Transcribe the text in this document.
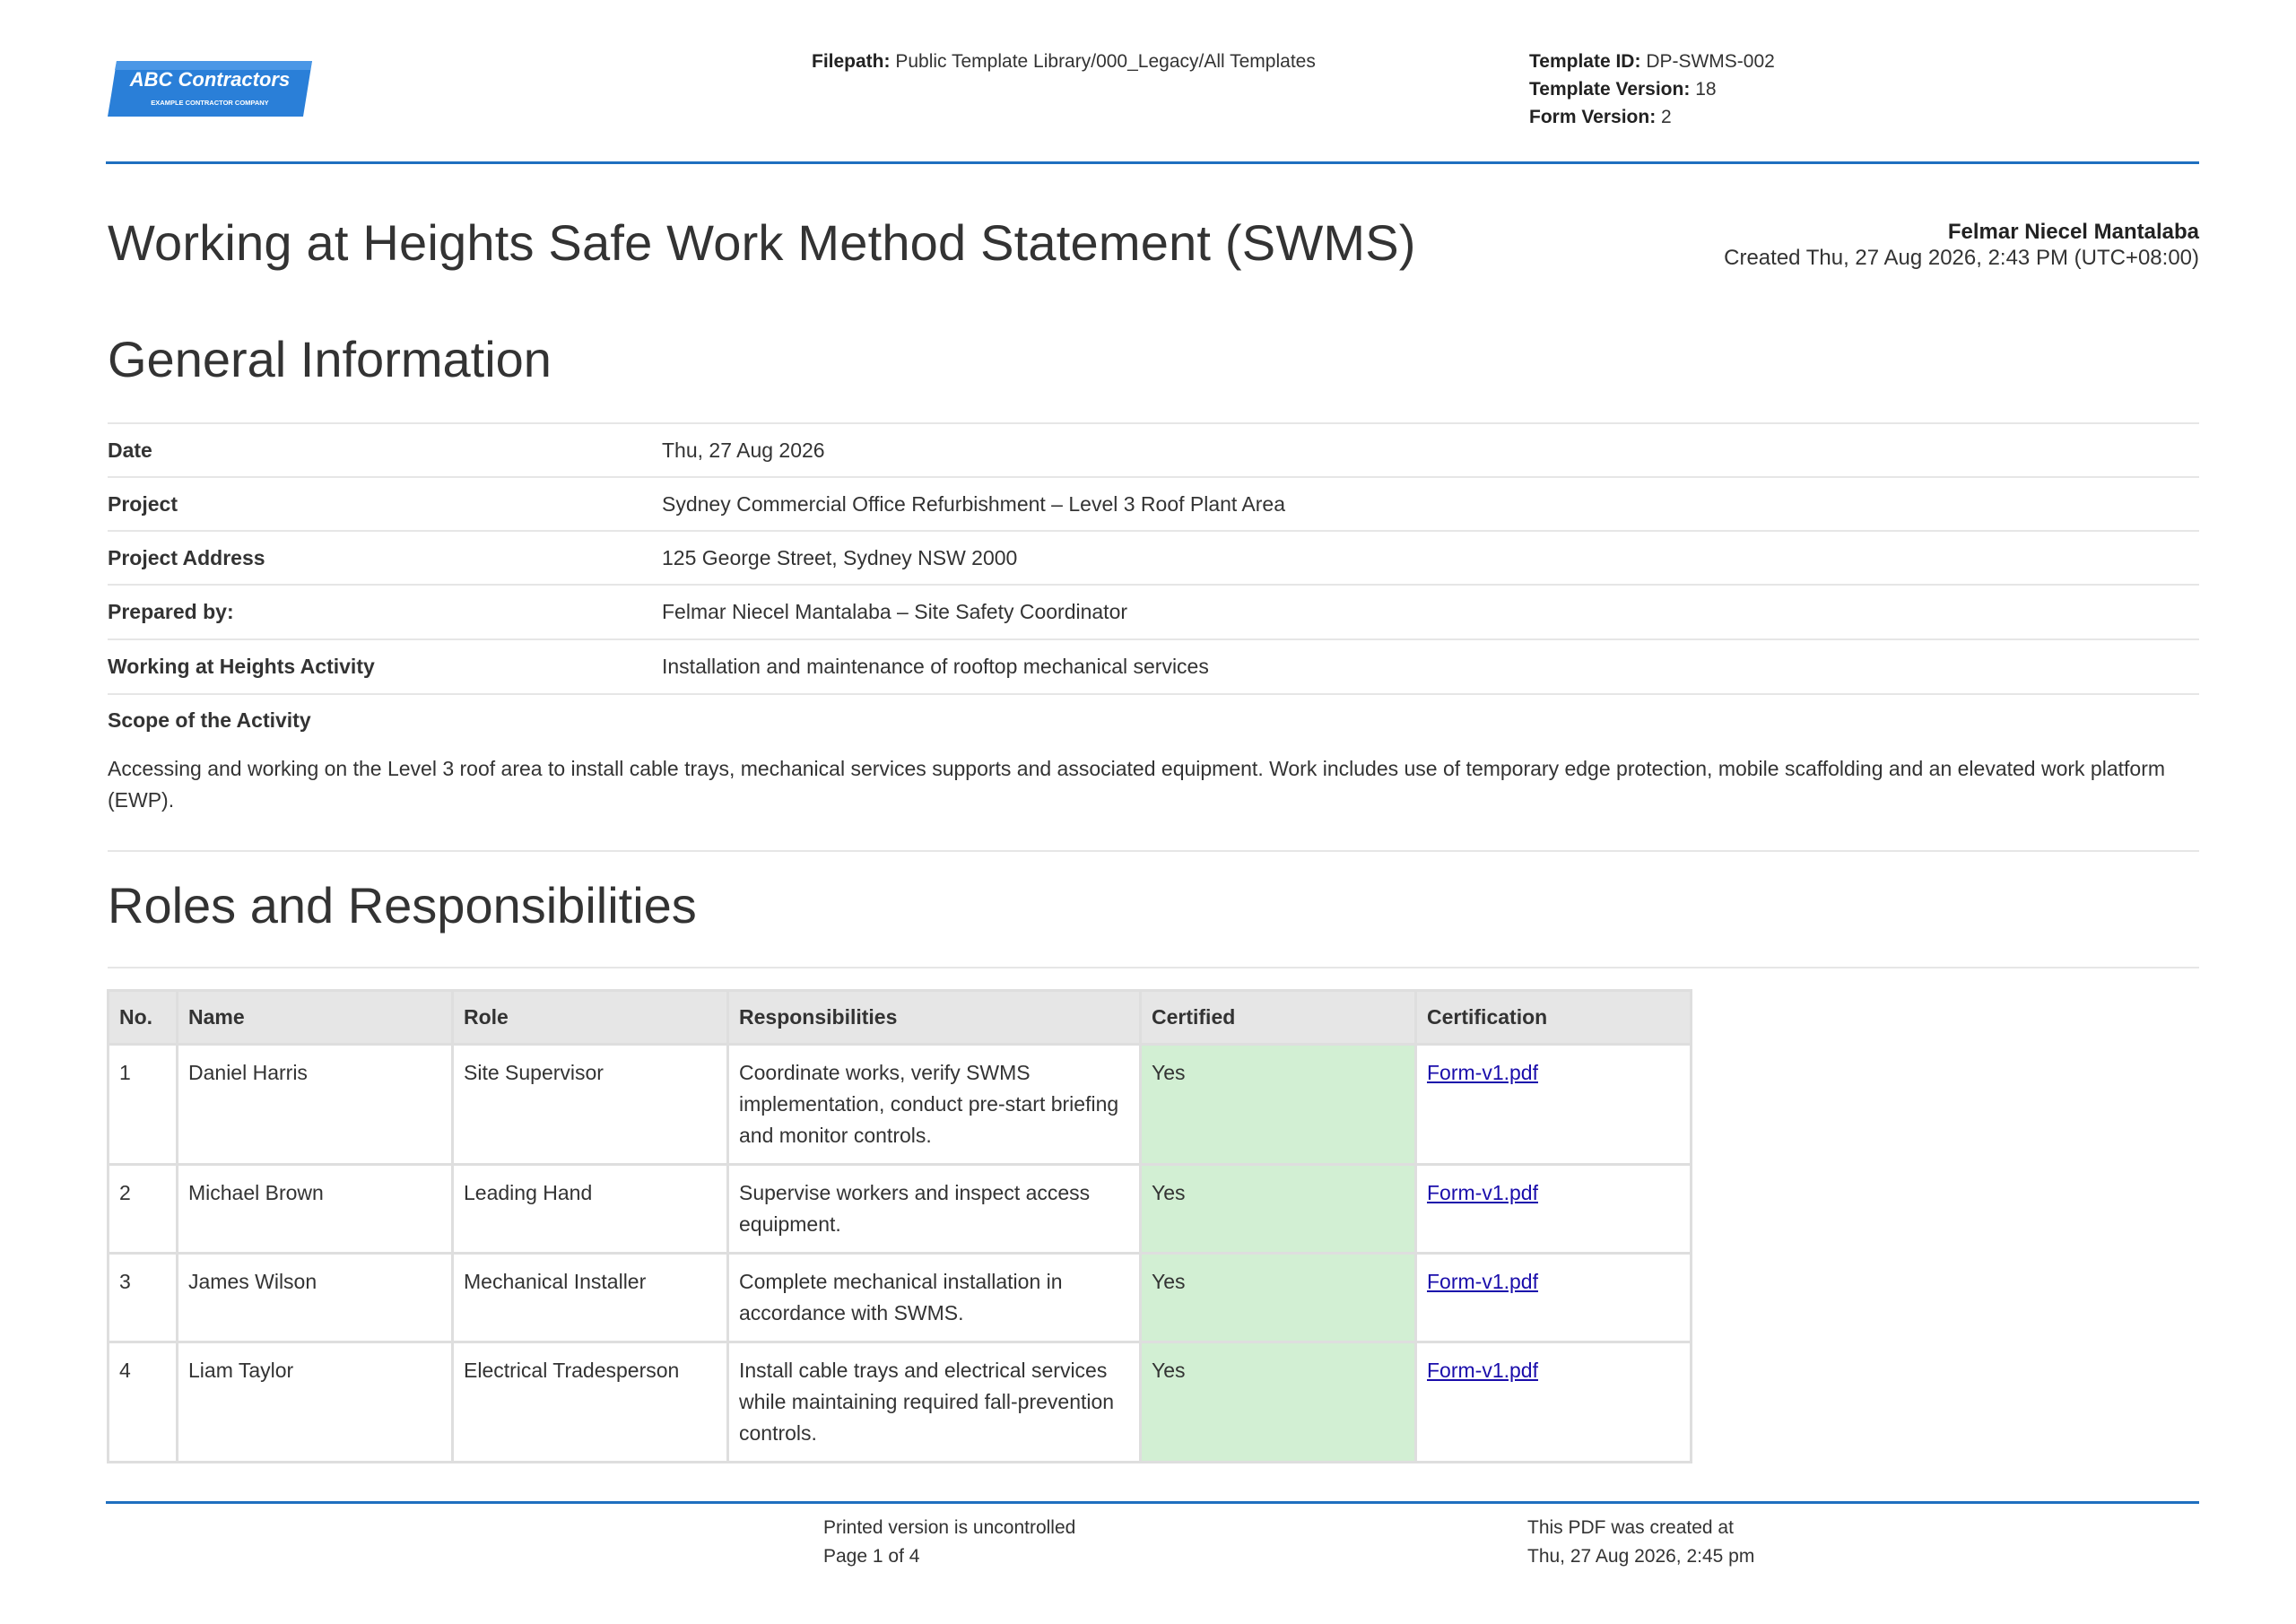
ABC Contractors
EXAMPLE CONTRACTOR COMPANY
Filepath: Public Template Library/000_Legacy/All Templates	Template ID: DP-SWMS-002
Template Version: 18
Form Version: 2
Working at Heights Safe Work Method Statement (SWMS)	Felmar Niecel Mantalaba
Created Thu, 27 Aug 2026, 2:43 PM (UTC+08:00)
General Information
Date	Thu, 27 Aug 2026
Project	Sydney Commercial Office Refurbishment – Level 3 Roof Plant Area
Project Address	125 George Street, Sydney NSW 2000
Prepared by:	Felmar Niecel Mantalaba – Site Safety Coordinator
Working at Heights Activity	Installation and maintenance of rooftop mechanical services
Scope of the Activity
Accessing and working on the Level 3 roof area to install cable trays, mechanical services supports and associated equipment. Work includes use of temporary edge protection, mobile scaffolding and an elevated work platform (EWP).
Roles and Responsibilities
No.	Name	Role	Responsibilities	Certified	Certification
1	Daniel Harris	Site Supervisor	Coordinate works, verify SWMS implementation, conduct pre-start briefing and monitor controls.	Yes	Form-v1.pdf
2	Michael Brown	Leading Hand	Supervise workers and inspect access equipment.	Yes	Form-v1.pdf
3	James Wilson	Mechanical Installer	Complete mechanical installation in accordance with SWMS.	Yes	Form-v1.pdf
4	Liam Taylor	Electrical Tradesperson	Install cable trays and electrical services while maintaining required fall-prevention controls.	Yes	Form-v1.pdf
Printed version is uncontrolled
Page 1 of 4
This PDF was created at
Thu, 27 Aug 2026, 2:45 pm
